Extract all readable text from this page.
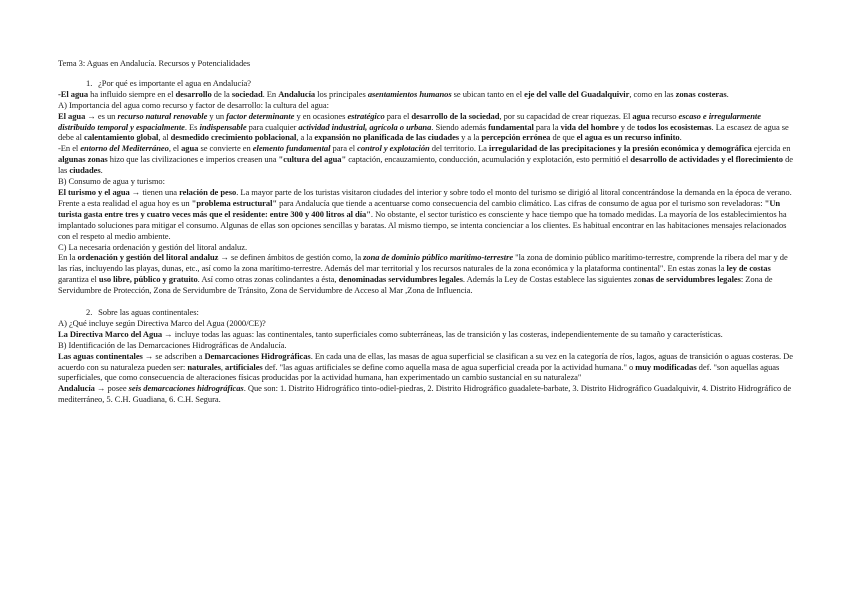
Tema 3: Aguas en Andalucía. Recursos y Potencialidades

1. ¿Por qué es importante el agua en Andalucía?

-El agua ha influido siempre en el desarrollo de la sociedad. En Andalucía los principales asentamientos humanos se ubican tanto en el eje del valle del Guadalquivir, como en las zonas costeras.

A) Importancia del agua como recurso y factor de desarrollo: la cultura del agua:

El agua → es un recurso natural renovable y un factor determinante y en ocasiones estratégico para el desarrollo de la sociedad, por su capacidad de crear riquezas. El agua recurso escaso e irregularmente distribuido temporal y espacialmente. Es indispensable para cualquier actividad industrial, agrícola o urbana. Siendo además fundamental para la vida del hombre y de todos los ecosistemas. La escasez de agua se debe al calentamiento global, al desmedido crecimiento poblacional, a la expansión no planificada de las ciudades y a la percepción errónea de que el agua es un recurso infinito.

-En el entorno del Mediterráneo, el agua se convierte en elemento fundamental para el control y explotación del territorio. La irregularidad de las precipitaciones y la presión económica y demográfica ejercida en algunas zonas hizo que las civilizaciones e imperios creasen una "cultura del agua" captación, encauzamiento, conducción, acumulación y explotación, esto permitió el desarrollo de actividades y el florecimiento de las ciudades.

B) Consumo de agua y turismo:

El turismo y el agua → tienen una relación de peso. La mayor parte de los turistas visitaron ciudades del interior y sobre todo el monto del turismo se dirigió al litoral concentrándose la demanda en la época de verano. Frente a esta realidad el agua hoy es un "problema estructural" para Andalucía que tiende a acentuarse como consecuencia del cambio climático. Las cifras de consumo de agua por el turismo son reveladoras: "Un turista gasta entre tres y cuatro veces más que el residente: entre 300 y 400 litros al día". No obstante, el sector turístico es consciente y hace tiempo que ha tomado medidas. La mayoría de los establecimientos ha implantado soluciones para mitigar el consumo. Algunas de ellas son opciones sencillas y baratas. Al mismo tiempo, se intenta concienciar a los clientes. Es habitual encontrar en las habitaciones mensajes relacionados con el respeto al medio ambiente.

C) La necesaria ordenación y gestión del litoral andaluz.

En la ordenación y gestión del litoral andaluz → se definen ámbitos de gestión como, la zona de dominio público marítimo-terrestre "la zona de dominio público marítimo-terrestre, comprende la ribera del mar y de las rías, incluyendo las playas, dunas, etc., así como la zona marítimo-terrestre. Además del mar territorial y los recursos naturales de la zona económica y la plataforma continental". En estas zonas la ley de costas garantiza el uso libre, público y gratuito. Así como otras zonas colindantes a ésta, denominadas servidumbres legales. Además la Ley de Costas establece las siguientes zonas de servidumbres legales: Zona de Servidumbre de Protección, Zona de Servidumbre de Tránsito, Zona de Servidumbre de Acceso al Mar ,Zona de Influencia.

2. Sobre las aguas continentales:

A) ¿Qué incluye según Directiva Marco del Agua (2000/CE)?

La Directiva Marco del Agua → incluye todas las aguas: las continentales, tanto superficiales como subterráneas, las de transición y las costeras, independientemente de su tamaño y características.

B) Identificación de las Demarcaciones Hidrográficas de Andalucía.

Las aguas continentales → se adscriben a Demarcaciones Hidrográficas. En cada una de ellas, las masas de agua superficial se clasifican a su vez en la categoría de ríos, lagos, aguas de transición o aguas costeras. De acuerdo con su naturaleza pueden ser: naturales, artificiales def. "las aguas artificiales se define como aquella masa de agua superficial creada por la actividad humana." o muy modificadas def. "son aquellas aguas superficiales, que como consecuencia de alteraciones físicas producidas por la actividad humana, han experimentado un cambio sustancial en su naturaleza"

Andalucía → posee seis demarcaciones hidrográficas. Que son: 1. Distrito Hidrográfico tinto-odiel-piedras, 2. Distrito Hidrográfico guadalete-barbate, 3. Distrito Hidrográfico Guadalquivir, 4. Distrito Hidrográfico de mediterráneo, 5. C.H. Guadiana, 6. C.H. Segura.
